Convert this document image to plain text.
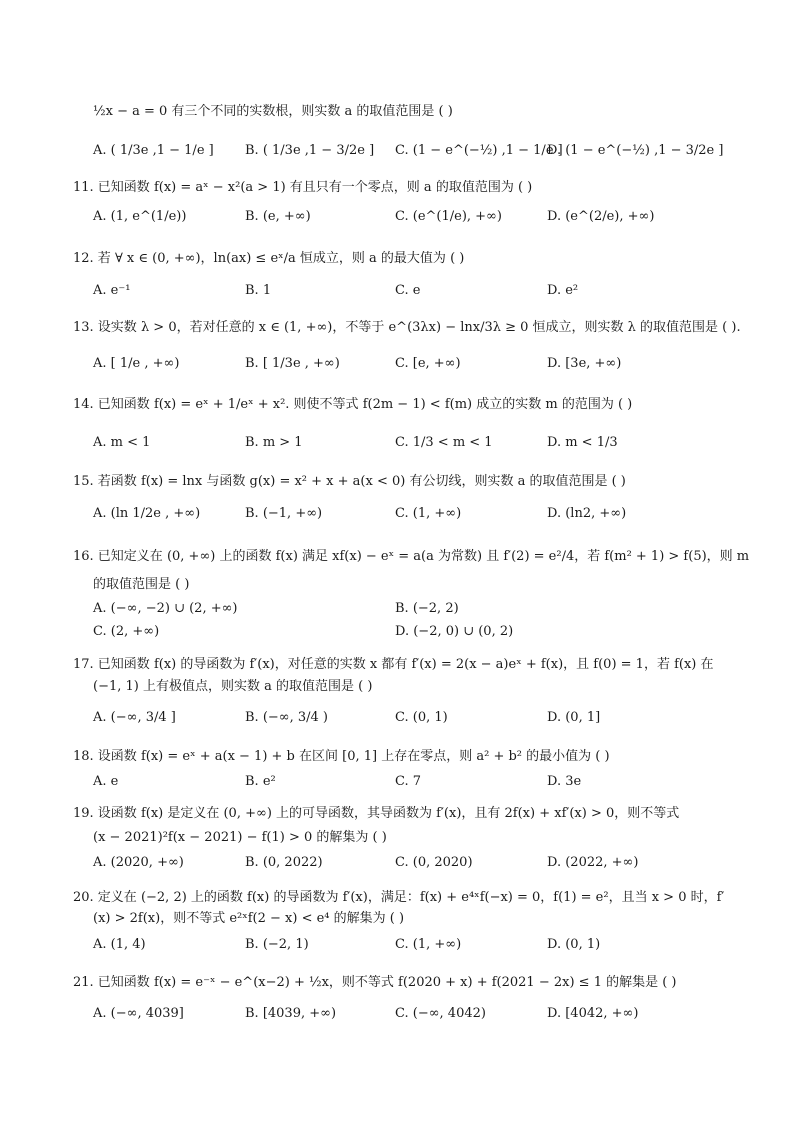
½x − a = 0 有三个不同的实数根，则实数 a 的取值范围是 ( )
A. ( 1/3e ,1 − 1/e ] B. ( 1/3e ,1 − 3/2e ] C. (1 − e^(−½) ,1 − 1/e ]
D. (1 − e^(−½) ,1 − 3/2e ]
11. 已知函数 f(x) = aˣ − x²(a > 1) 有且只有一个零点，则 a 的取值范围为 ( )
A. (1, e^(1/e))	B. (e, +∞)	C. (e^(1/e), +∞)	D. (e^(2/e), +∞)
12. 若 ∀ x ∈ (0, +∞)，ln(ax) ≤ eˣ/a 恒成立，则 a 的最大值为 ( )
A. e⁻¹	B. 1	C. e	D. e²
13. 设实数 λ > 0，若对任意的 x ∈ (1, +∞)，不等于 e^(3λx) − lnx/3λ ≥ 0 恒成立，则实数 λ 的取值范围是 ( ).
A. [ 1/e , +∞)	B. [ 1/3e , +∞)	C. [e, +∞)	D. [3e, +∞)
14. 已知函数 f(x) = eˣ + 1/eˣ + x². 则使不等式 f(2m − 1) < f(m) 成立的实数 m 的范围为 ( )
A. m < 1	B. m > 1	C. 1/3 < m < 1	D. m < 1/3
15. 若函数 f(x) = lnx 与函数 g(x) = x² + x + a(x < 0) 有公切线，则实数 a 的取值范围是 ( )
A. (ln 1/2e , +∞)	B. (−1, +∞)	C. (1, +∞)	D. (ln2, +∞)
16. 已知定义在 (0, +∞) 上的函数 f(x) 满足 xf(x) − eˣ = a(a 为常数) 且 f′(2) = e²/4，若 f(m² + 1) > f(5)，则 m
的取值范围是 ( )
A. (−∞, −2) ∪ (2, +∞)	B. (−2, 2)
C. (2, +∞)	D. (−2, 0) ∪ (0, 2)
17. 已知函数 f(x) 的导函数为 f′(x)，对任意的实数 x 都有 f′(x) = 2(x − a)eˣ + f(x)，且 f(0) = 1，若 f(x) 在
(−1, 1) 上有极值点，则实数 a 的取值范围是 ( )
A. (−∞, 3/4 ]	B. (−∞, 3/4 )	C. (0, 1)	D. (0, 1]
18. 设函数 f(x) = eˣ + a(x − 1) + b 在区间 [0, 1] 上存在零点，则 a² + b² 的最小值为 ( )
A. e	B. e²	C. 7	D. 3e
19. 设函数 f(x) 是定义在 (0, +∞) 上的可导函数，其导函数为 f′(x)，且有 2f(x) + xf′(x) > 0，则不等式
(x − 2021)²f(x − 2021) − f(1) > 0 的解集为 ( )
A. (2020, +∞)	B. (0, 2022)	C. (0, 2020)	D. (2022, +∞)
20. 定义在 (−2, 2) 上的函数 f(x) 的导函数为 f′(x)，满足：f(x) + e⁴ˣf(−x) = 0，f(1) = e²，且当 x > 0 时，f′
(x) > 2f(x)，则不等式 e²ˣf(2 − x) < e⁴ 的解集为 ( )
A. (1, 4)	B. (−2, 1)	C. (1, +∞)	D. (0, 1)
21. 已知函数 f(x) = e⁻ˣ − e^(x−2) + ½x，则不等式 f(2020 + x) + f(2021 − 2x) ≤ 1 的解集是 ( )
A. (−∞, 4039]	B. [4039, +∞)	C. (−∞, 4042)	D. [4042, +∞)
